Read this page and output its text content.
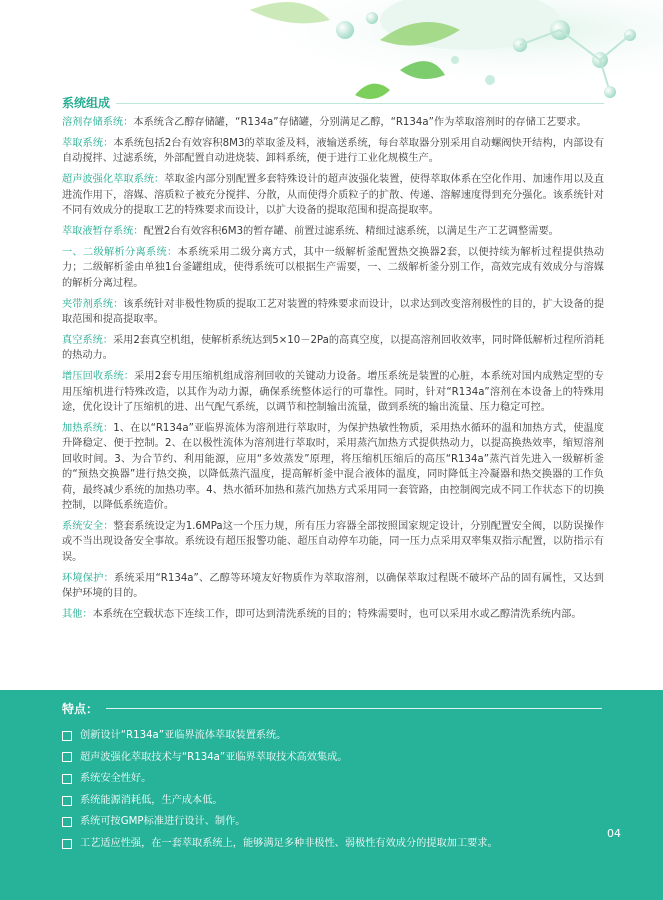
系统组成

溶剂存储系统：本系统含乙醇存储罐，“R134a”存储罐，分别满足乙醇，“R134a”作为萃取溶剂时的存储工艺要求。

萃取系统：本系统包括2台有效容积8M3的萃取釜及料，液输送系统，每台萃取器分别采用自动螺阀快开结构，内部设有自动搅拌、过滤系统，外部配置自动进烧装、卸料系统，便于进行工业化规模生产。

超声波强化萃取系统：萃取釜内部分别配置多套特殊设计的超声波强化装置，使得萃取体系在空化作用、加速作用以及直进流作用下，溶媒、溶质粒子被充分搅拌、分散，从而使得介质粒子的扩散、传递、溶解速度得到充分强化。该系统针对不同有效成分的提取工艺的特殊要求而设计，以扩大设备的提取范围和提高提取率。

萃取液暂存系统：配置2台有效容积6M3的暂存罐、前置过滤系统、精细过滤系统，以满足生产工艺调整需要。

一、二级解析分离系统：本系统采用二级分离方式，其中一级解析釜配置热交换器2套，以便持续为解析过程提供热动力；二级解析釜由单独1台釜罐组成，使得系统可以根据生产需要，一、二级解析釜分别工作，高效完成有效成分与溶媒的解析分离过程。

夹带剂系统：该系统针对非极性物质的提取工艺对装置的特殊要求而设计，以求达到改变溶剂极性的目的，扩大设备的提取范围和提高提取率。

真空系统：采用2套真空机组，使解析系统达到5×10－2Pa的高真空度，以提高溶剂回收效率，同时降低解析过程所消耗的热动力。

增压回收系统：采用2套专用压缩机组成溶剂回收的关键动力设备。增压系统是装置的心脏，本系统对国内成熟定型的专用压缩机进行特殊改造，以其作为动力源，确保系统整体运行的可靠性。同时，针对“R134a”溶剂在本设备上的特殊用途，优化设计了压缩机的进、出气配气系统，以调节和控制输出流量，做到系统的输出流量、压力稳定可控。

加热系统：1、在以“R134a”亚临界流体为溶剂进行萃取时，为保护热敏性物质，采用热水循环的温和加热方式，使温度升降稳定、便于控制。2、在以极性流体为溶剂进行萃取时，采用蒸汽加热方式提供热动力，以提高换热效率，缩短溶剂回收时间。3、为合节约、利用能源，应用“多效蒸发”原理，将压缩机压缩后的高压“R134a”蒸汽首先进入一级解析釜的“预热交换器”进行热交换，以降低蒸汽温度，提高解析釜中混合液体的温度，同时降低主冷凝器和热交换器的工作负荷，最终减少系统的加热功率。4、热水循环加热和蒸汽加热方式采用同一套管路，由控制阀完成不同工作状态下的切换控制，以降低系统造价。

系统安全：整套系统设定为1.6MPa这一个压力规，所有压力容器全部按照国家规定设计，分别配置安全阀，以防误操作或不当出现设备安全事故。系统设有超压报警功能、超压自动停车功能，同一压力点采用双率集双指示配置，以防指示有误。

环境保护：系统采用“R134a”、乙醇等环境友好物质作为萃取溶剂，以确保萃取过程既不破坏产品的固有属性，又达到保护环境的目的。

其他：本系统在空载状态下连续工作，即可达到清洗系统的目的；特殊需要时，也可以采用水或乙醇清洗系统内部。

特点：
创新设计“R134a”亚临界流体萃取装置系统。
超声波强化萃取技术与“R134a”亚临界萃取技术高效集成。
系统安全性好。
系统能源消耗低，生产成本低。
系统可按GMP标准进行设计、制作。
工艺适应性强，在一套萃取系统上，能够满足多种非极性、弱极性有效成分的提取加工要求。
04
